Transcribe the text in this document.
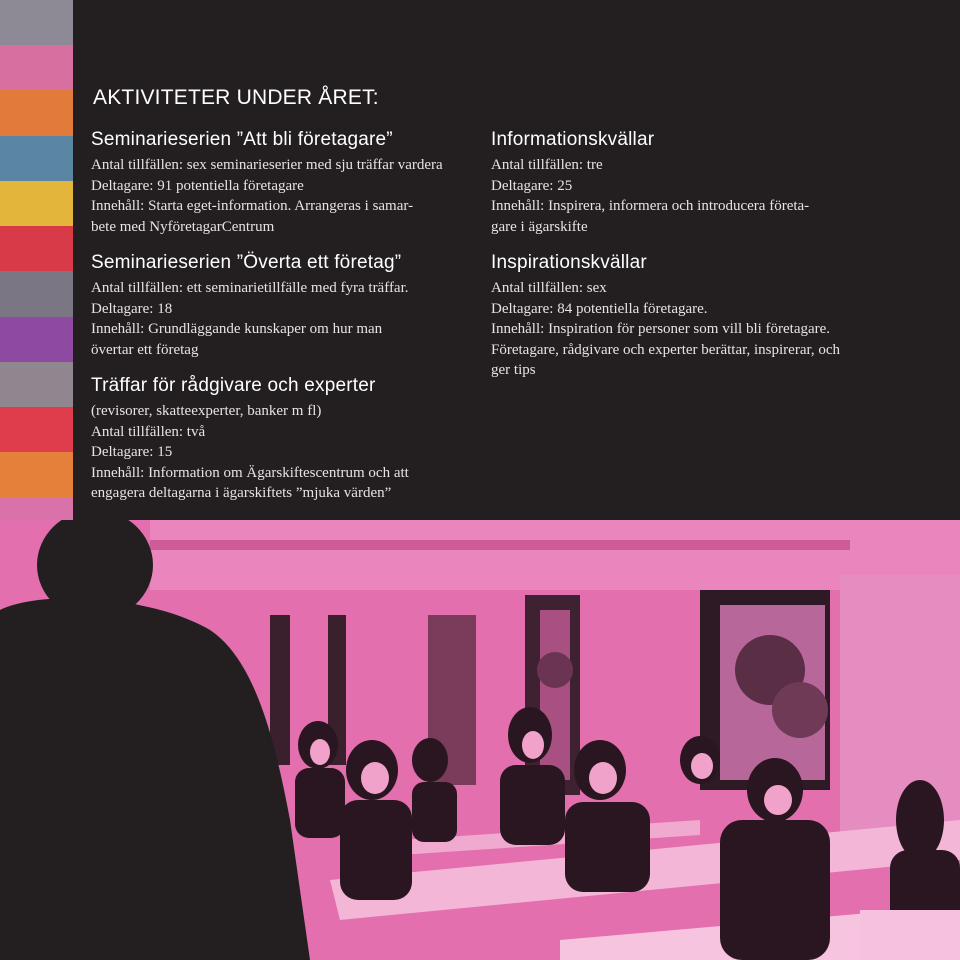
AKTIVITETER UNDER ÅRET:
Seminarieserien ”Att bli företagare”

Antal tillfällen: sex seminarieserier med sju träffar vardera

Deltagare: 91 potentiella företagare

Innehåll: Starta eget-information. Arrangeras i samar-

bete med NyföretagarCentrum

Seminarieserien ”Överta ett företag”

Antal tillfällen: ett seminarietillfälle med fyra träffar.

Deltagare: 18

Innehåll: Grundläggande kunskaper om hur man

övertar ett företag

Träffar för rådgivare och experter

(revisorer, skatteexperter, banker m fl)

Antal tillfällen: två

Deltagare: 15

Innehåll: Information om Ägarskiftescentrum och att

engagera deltagarna i ägarskiftets ”mjuka värden”

Informationskvällar

Antal tillfällen: tre

Deltagare: 25

Innehåll: Inspirera, informera och introducera företa-

gare i ägarskifte

Inspirationskvällar

Antal tillfällen: sex

Deltagare: 84 potentiella företagare.

Innehåll: Inspiration för personer som vill bli företagare.

Företagare, rådgivare och experter berättar, inspirerar, och

ger tips
